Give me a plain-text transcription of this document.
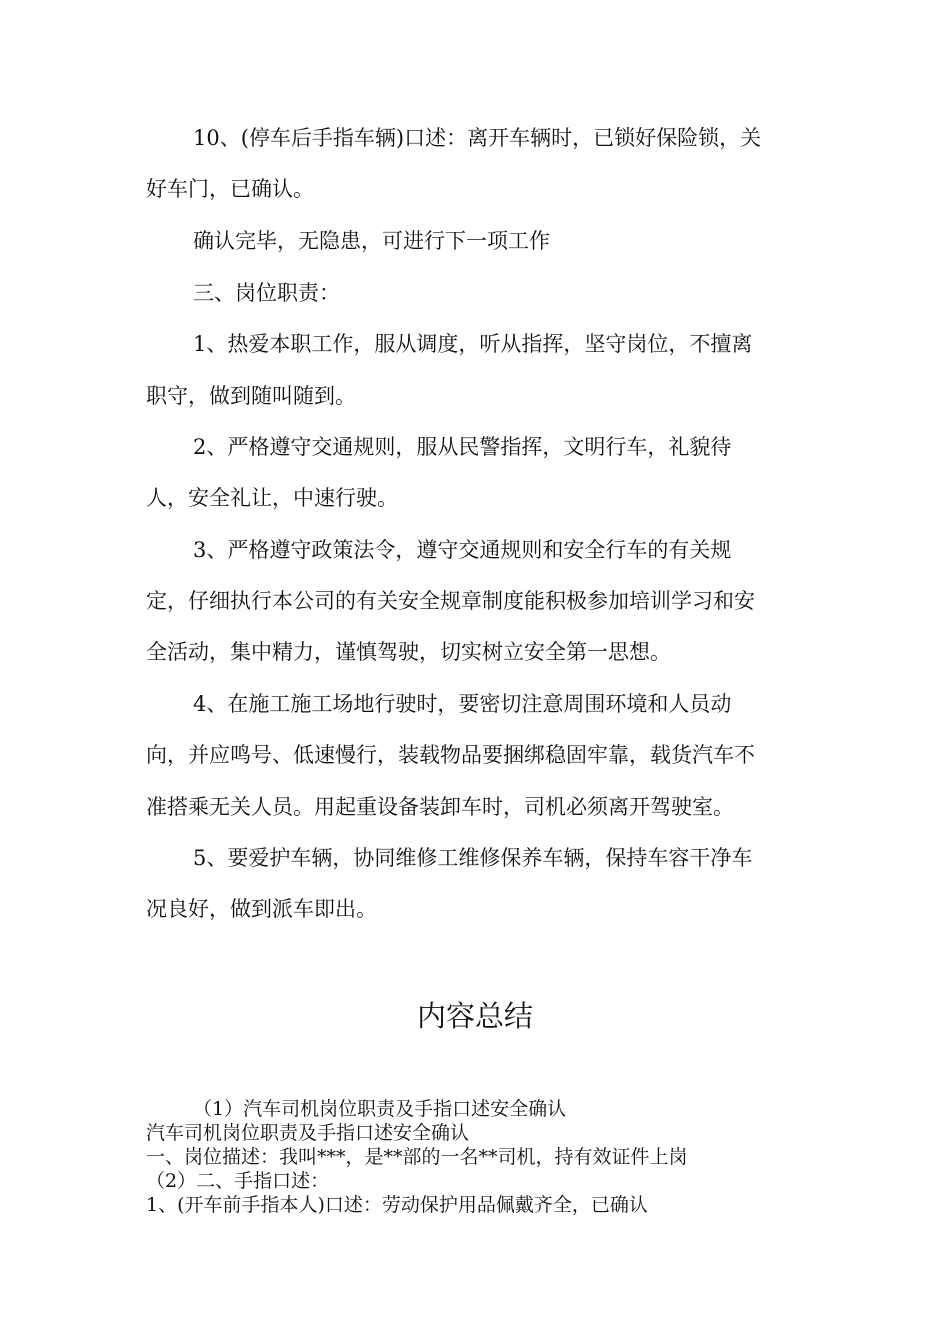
10、(停车后手指车辆)口述：离开车辆时，已锁好保险锁，关
好车门，已确认。
确认完毕，无隐患，可进行下一项工作
三、岗位职责：
1、热爱本职工作，服从调度，听从指挥，坚守岗位，不擅离
职守，做到随叫随到。
2、严格遵守交通规则，服从民警指挥，文明行车，礼貌待
人，安全礼让，中速行驶。
3、严格遵守政策法令，遵守交通规则和安全行车的有关规
定，仔细执行本公司的有关安全规章制度能积极参加培训学习和安
全活动，集中精力，谨慎驾驶，切实树立安全第一思想。
4、在施工施工场地行驶时，要密切注意周围环境和人员动
向，并应鸣号、低速慢行，装载物品要捆绑稳固牢靠，载货汽车不
准搭乘无关人员。用起重设备装卸车时，司机必须离开驾驶室。
5、要爱护车辆，协同维修工维修保养车辆，保持车容干净车
况良好，做到派车即出。
内容总结
（1）汽车司机岗位职责及手指口述安全确认
汽车司机岗位职责及手指口述安全确认
一、岗位描述：我叫***，是**部的一名**司机，持有效证件上岗
（2）二、手指口述：
1、(开车前手指本人)口述：劳动保护用品佩戴齐全，已确认
